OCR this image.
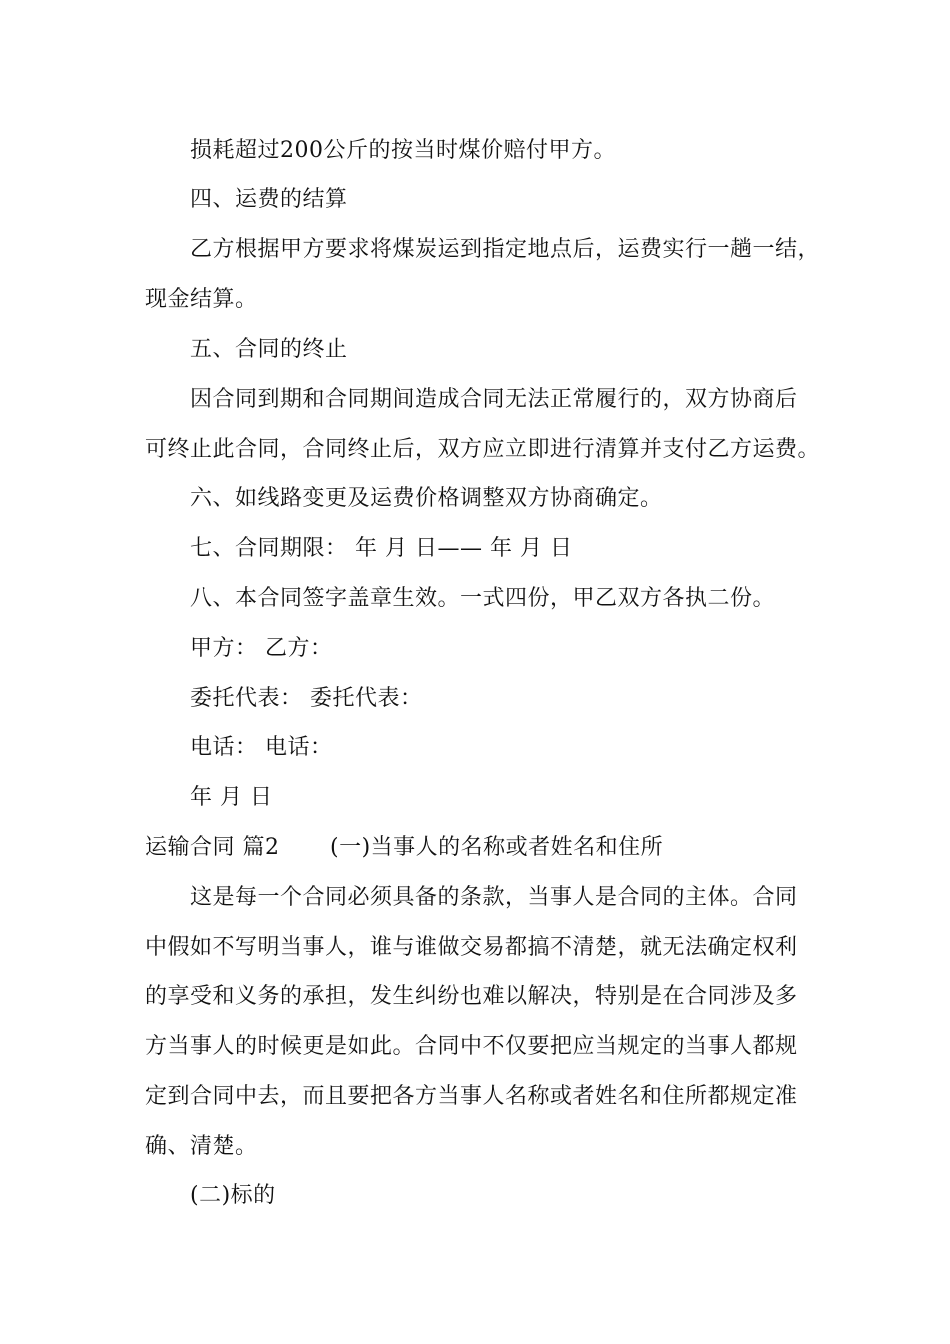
损耗超过200公斤的按当时煤价赔付甲方。
四、运费的结算
乙方根据甲方要求将煤炭运到指定地点后，运费实行一趟一结，
现金结算。
五、合同的终止
因合同到期和合同期间造成合同无法正常履行的，双方协商后
可终止此合同，合同终止后，双方应立即进行清算并支付乙方运费。
六、如线路变更及运费价格调整双方协商确定。
七、合同期限： 年 月 日—— 年 月 日
八、本合同签字盖章生效。一式四份，甲乙双方各执二份。
甲方： 乙方：
委托代表： 委托代表：
电话： 电话：
年 月 日
运输合同 篇2 (一)当事人的名称或者姓名和住所
这是每一个合同必须具备的条款，当事人是合同的主体。合同
中假如不写明当事人，谁与谁做交易都搞不清楚，就无法确定权利
的享受和义务的承担，发生纠纷也难以解决，特别是在合同涉及多
方当事人的时候更是如此。合同中不仅要把应当规定的当事人都规
定到合同中去，而且要把各方当事人名称或者姓名和住所都规定准
确、清楚。
(二)标的
